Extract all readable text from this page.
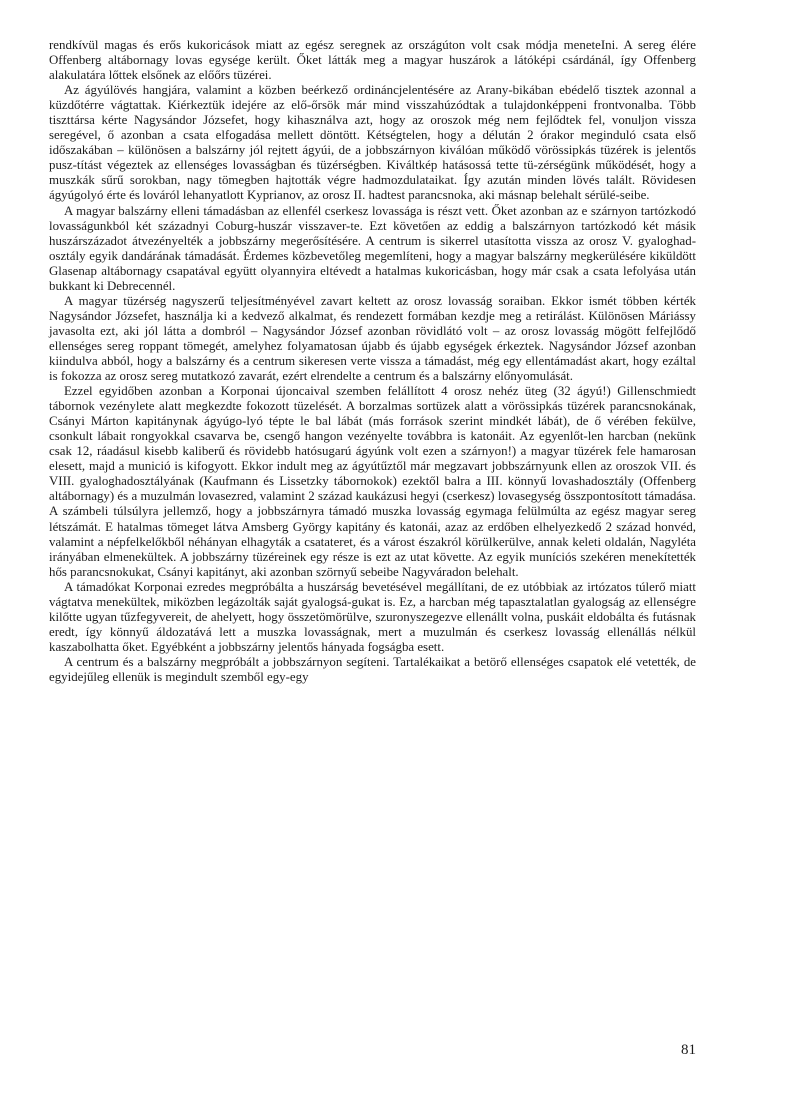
rendkívül magas és erős kukoricások miatt az egész seregnek az országúton volt csak módja meneteIni. A sereg élére Offenberg altábornagy lovas egysége került. Őket látták meg a magyar huszárok a látóképi csárdánál, így Offenberg alakulatára lőttek elsőnek az előőrs tüzérei.

Az ágyúlövés hangjára, valamint a közben beérkező ordináncjelentésére az Arany-bikában ebédelő tisztek azonnal a küzdőtérre vágtattak. Kiérkeztük idejére az elő-őrsök már mind visszahúzódtak a tulajdonképpeni frontvonalba. Több tiszttársa kérte Nagysándor Józsefet, hogy kihasználva azt, hogy az oroszok még nem fejlődtek fel, vonuljon vissza seregével, ő azonban a csata elfogadása mellett döntött. Kétségtelen, hogy a délután 2 órakor meginduló csata első időszakában – különösen a balszárny jól rejtett ágyúi, de a jobbszárnyon kiválóan működő vörössipkás tüzérek is jelentős pusz-títást végeztek az ellenséges lovasságban és tüzérségben. Kiváltkép hatásossá tette tü-zérségünk működését, hogy a muszkák sűrű sorokban, nagy tömegben hajtották végre hadmozdulataikat. Így azután minden lövés talált. Rövidesen ágyúgolyó érte és lováról lehanyatlott Kyprianov, az orosz II. hadtest parancsnoka, aki másnap belehalt sérülé-seibe.

A magyar balszárny elleni támadásban az ellenfél cserkesz lovassága is részt vett. Őket azonban az e szárnyon tartózkodó lovasságunkból két századnyi Coburg-huszár visszaver-te. Ezt követően az eddig a balszárnyon tartózkodó két másik huszárszázadot átvezényelték a jobbszárny megerősítésére. A centrum is sikerrel utasította vissza az orosz V. gyaloghad-osztály egyik dandárának támadását. Érdemes közbevetőleg megemlíteni, hogy a magyar balszárny megkerülésére kiküldött Glasenap altábornagy csapatával együtt olyannyira eltévedt a hatalmas kukoricásban, hogy már csak a csata lefolyása után bukkant ki Debrecennél.

A magyar tüzérség nagyszerű teljesítményével zavart keltett az orosz lovasság soraiban. Ekkor ismét többen kérték Nagysándor Józsefet, használja ki a kedvező alkalmat, és rendezett formában kezdje meg a retirálást. Különösen Máriássy javasolta ezt, aki jól látta a dombról – Nagysándor József azonban rövidlátó volt – az orosz lovasság mögött felfejlődő ellenséges sereg roppant tömegét, amelyhez folyamatosan újabb és újabb egységek érkeztek. Nagysándor József azonban kiindulva abból, hogy a balszárny és a centrum sikeresen verte vissza a támadást, még egy ellentámadást akart, hogy ezáltal is fokozza az orosz sereg mutatkozó zavarát, ezért elrendelte a centrum és a balszárny előnyomulását.

Ezzel egyidőben azonban a Korponai újoncaival szemben felállított 4 orosz nehéz üteg (32 ágyú!) Gillenschmiedt tábornok vezénylete alatt megkezdte fokozott tüzelését. A borzalmas sortüzek alatt a vörössipkás tüzérek parancsnokának, Csányi Márton kapitánynak ágyúgo-lyó tépte le bal lábát (más források szerint mindkét lábát), de ő vérében fekülve, csonkult lábait rongyokkal csavarva be, csengő hangon vezényelte továbbra is katonáit. Az egyenlőt-len harcban (nekünk csak 12, ráadásul kisebb kaliberű és rövidebb hatósugarú ágyúnk volt ezen a szárnyon!) a magyar tüzérek fele hamarosan elesett, majd a munició is kifogyott. Ekkor indult meg az ágyútűztől már megzavart jobbszárnyunk ellen az oroszok VII. és VIII. gyaloghadosztályának (Kaufmann és Lissetzky tábornokok) ezektől balra a III. könnyű lovashadosztály (Offenberg altábornagy) és a muzulmán lovasezred, valamint 2 század kaukázusi hegyi (cserkesz) lovasegység összpontosított támadása. A számbeli túlsúlyra jellemző, hogy a jobbszárnyra támadó muszka lovasság egymaga felülmúlta az egész magyar sereg létszámát. E hatalmas tömeget látva Amsberg György kapitány és katonái, azaz az erdőben elhelyezkedő 2 század honvéd, valamint a népfelkelőkből néhányan elhagyták a csatateret, és a várost északról körülkerülve, annak keleti oldalán, Nagyléta irányában elmenekültek. A jobbszárny tüzéreinek egy része is ezt az utat követte. Az egyik muníciós szekéren menekítették hős parancsnokukat, Csányi kapitányt, aki azonban szörnyű sebeibe Nagyváradon belehalt.

A támadókat Korponai ezredes megpróbálta a huszárság bevetésével megállítani, de ez utóbbiak az irtózatos túlerő miatt vágtatva menekültek, miközben legázolták saját gyalogsá-gukat is. Ez, a harcban még tapasztalatlan gyalogság az ellenségre kilőtte ugyan tűzfegyvereit, de ahelyett, hogy összetömörülve, szuronyszegezve ellenállt volna, puskáit eldobálta és futásnak eredt, így könnyű áldozatává lett a muszka lovasságnak, mert a muzulmán és cserkesz lovasság ellenállás nélkül kaszabolhatta őket. Egyébként a jobbszárny jelentős hányada fogságba esett.

A centrum és a balszárny megpróbált a jobbszárnyon segíteni. Tartalékaikat a betörő ellenséges csapatok elé vetették, de egyidejűleg ellenük is megindult szemből egy-egy

81
